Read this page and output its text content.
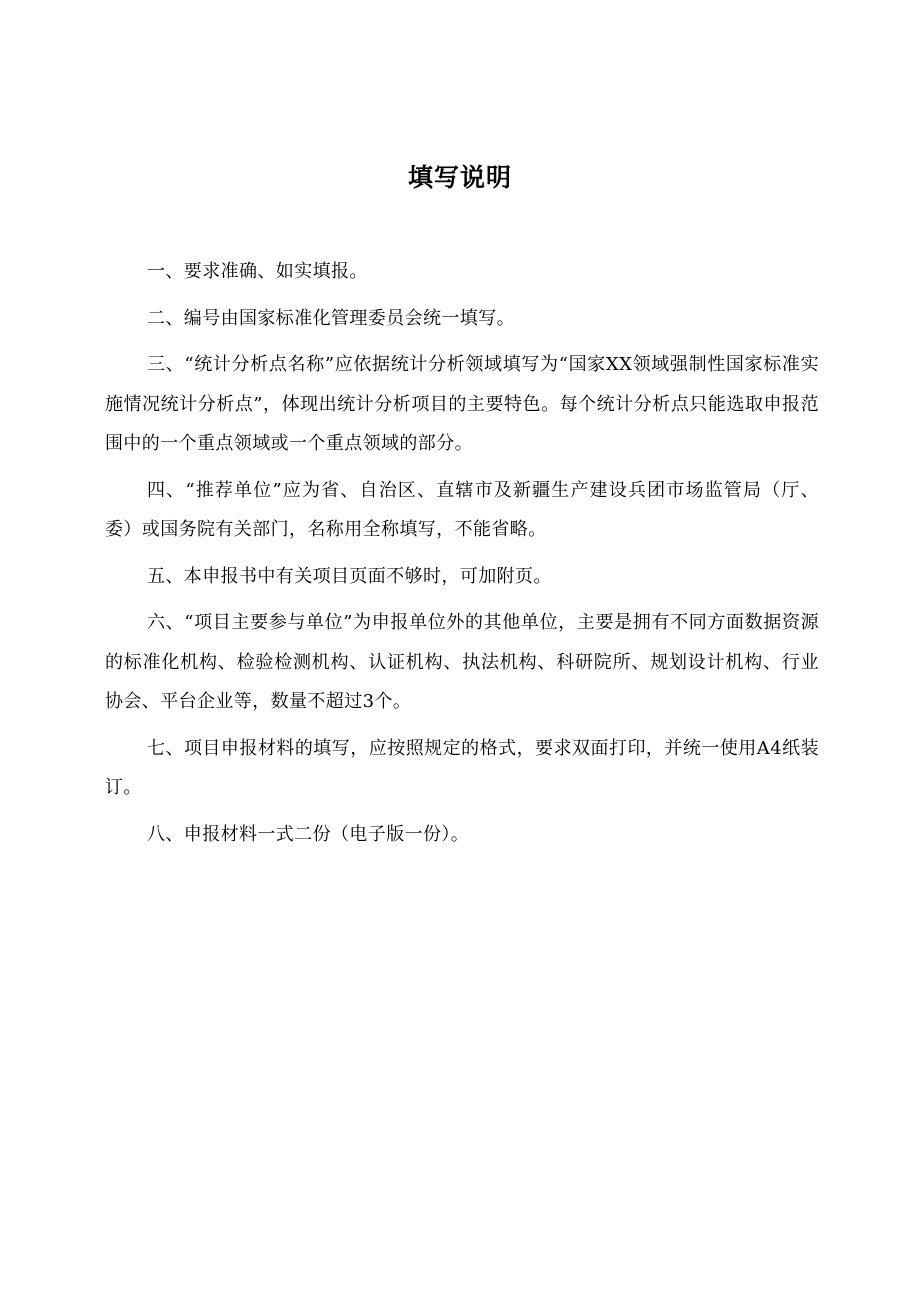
填写说明

一、要求准确、如实填报。

二、编号由国家标准化管理委员会统一填写。

三、“统计分析点名称”应依据统计分析领域填写为“国家XX领域强制性国家标准实施情况统计分析点”，体现出统计分析项目的主要特色。每个统计分析点只能选取申报范围中的一个重点领域或一个重点领域的部分。

四、“推荐单位”应为省、自治区、直辖市及新疆生产建设兵团市场监管局（厅、委）或国务院有关部门，名称用全称填写，不能省略。

五、本申报书中有关项目页面不够时，可加附页。

六、“项目主要参与单位”为申报单位外的其他单位，主要是拥有不同方面数据资源的标准化机构、检验检测机构、认证机构、执法机构、科研院所、规划设计机构、行业协会、平台企业等，数量不超过3个。

七、项目申报材料的填写，应按照规定的格式，要求双面打印，并统一使用A4纸装订。

八、申报材料一式二份（电子版一份）。
